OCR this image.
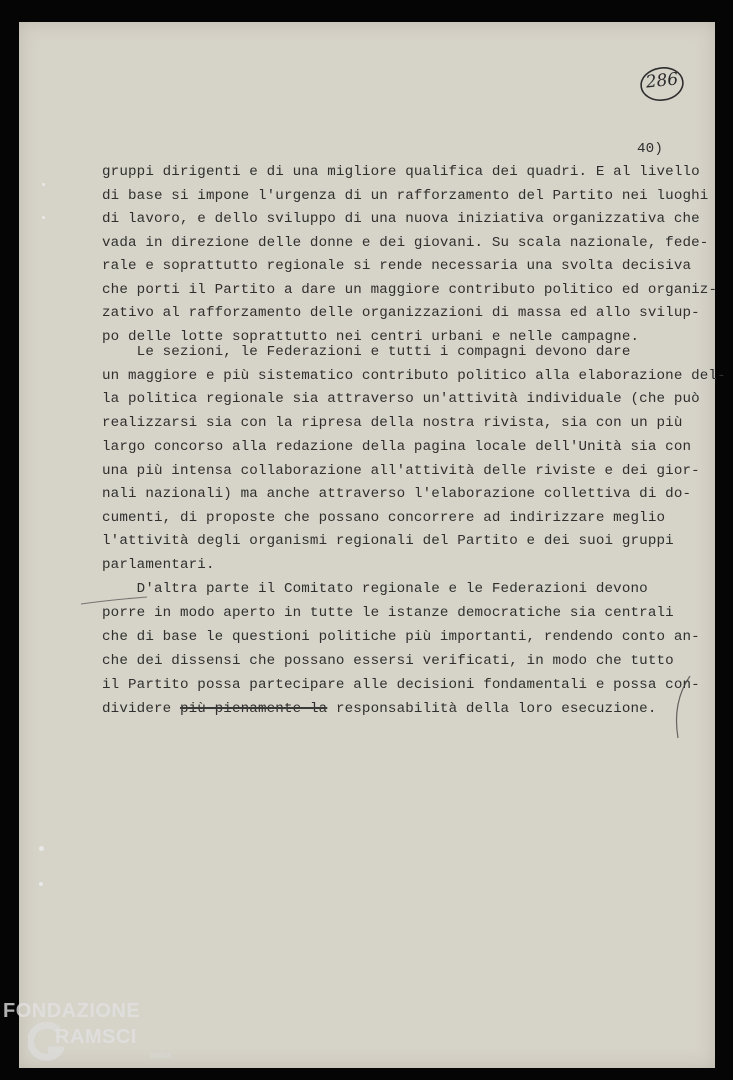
286
40)
gruppi dirigenti e di una migliore qualifica dei quadri. E al livello
di base si impone l'urgenza di un rafforzamento del Partito nei luoghi
di lavoro, e dello sviluppo di una nuova iniziativa organizzativa che
vada in direzione delle donne e dei giovani. Su scala nazionale, fede-
rale e soprattutto regionale si rende necessaria una svolta decisiva
che porti il Partito a dare un maggiore contributo politico ed organiz-
zativo al rafforzamento delle organizzazioni di massa ed allo svilup-
po delle lotte soprattutto nei centri urbani e nelle campagne.
Le sezioni, le Federazioni e tutti i compagni devono dare
un maggiore e più sistematico contributo politico alla elaborazione del-
la politica regionale sia attraverso un'attività individuale (che può
realizzarsi sia con la ripresa della nostra rivista, sia con un più
largo concorso alla redazione della pagina locale dell'Unità sia con
una più intensa collaborazione all'attività delle riviste e dei gior-
nali nazionali) ma anche attraverso l'elaborazione collettiva di do-
cumenti, di proposte che possano concorrere ad indirizzare meglio
l'attività degli organismi regionali del Partito e dei suoi gruppi
parlamentari.
D'altra parte il Comitato regionale e le Federazioni devono
porre in modo aperto in tutte le istanze democratiche sia centrali
che di base le questioni politiche più importanti, rendendo conto an-
che dei dissensi che possano essersi verificati, in modo che tutto
il Partito possa partecipare alle decisioni fondamentali e possa con-
dividere più pienamente la responsabilità della loro esecuzione.
FONDAZIONE
RAMSCI
onlus
